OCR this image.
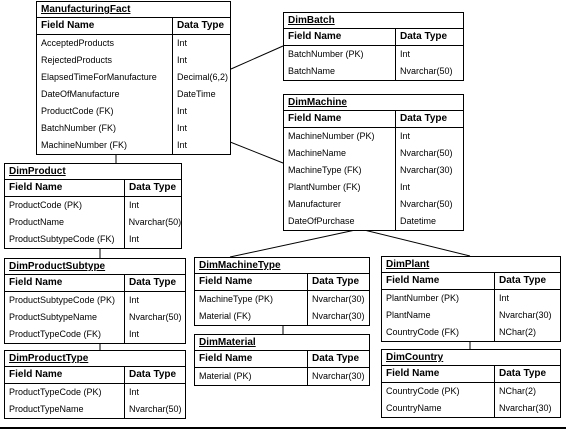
ManufacturingFact
Field Name	Data Type
AcceptedProducts	Int
RejectedProducts	Int
ElapsedTimeForManufacture	Decimal(6,2)
DateOfManufacture	DateTime
ProductCode (FK)	Int
BatchNumber (FK)	Int
MachineNumber (FK)	Int
DimBatch
Field Name	Data Type
BatchNumber (PK)	Int
BatchName	Nvarchar(50)
DimMachine
Field Name	Data Type
MachineNumber (PK)	Int
MachineName	Nvarchar(50)
MachineType (FK)	Nvarchar(30)
PlantNumber (FK)	Int
Manufacturer	Nvarchar(50)
DateOfPurchase	Datetime
DimProduct
Field Name	Data Type
ProductCode (PK)	Int
ProductName	Nvarchar(50)
ProductSubtypeCode (FK)	Int
DimProductSubtype
Field Name	Data Type
ProductSubtypeCode (PK)	Int
ProductSubtypeName	Nvarchar(50)
ProductTypeCode (FK)	Int
DimProductType
Field Name	Data Type
ProductTypeCode (PK)	Int
ProductTypeName	Nvarchar(50)
DimMachineType
Field Name	Data Type
MachineType (PK)	Nvarchar(30)
Material (FK)	Nvarchar(30)
DimMaterial
Field Name	Data Type
Material (PK)	Nvarchar(30)
DimPlant
Field Name	Data Type
PlantNumber (PK)	Int
PlantName	Nvarchar(30)
CountryCode (FK)	NChar(2)
DimCountry
Field Name	Data Type
CountryCode (PK)	NChar(2)
CountryName	Nvarchar(30)
